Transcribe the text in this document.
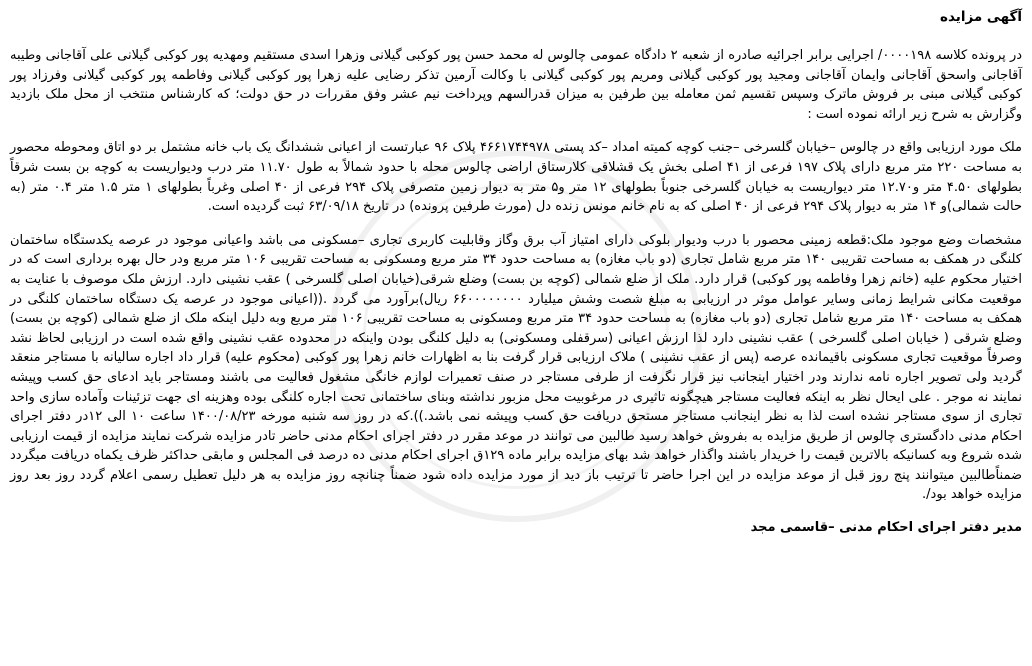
آگهی مزایده

در پرونده کلاسه ۰۰۰۰۱۹۸/ اجرایی برابر اجرائیه صادره از شعبه ۲ دادگاه عمومی چالوس له محمد حسن پور کوکبی گیلانی وزهرا اسدی مستقیم ومهدیه پور کوکبی گیلانی علی آقاجانی وطیبه آقاجانی واسحق آقاجانی وایمان آقاجانی ومجید پور کوکبی گیلانی ومریم پور کوکبی گیلانی با وکالت آرمین تذکر رضایی علیه زهرا پور کوکبی گیلانی وفاطمه پور کوکبی گیلانی وفرزاد پور کوکبی گیلانی مبنی بر فروش ماترک وسپس تقسیم ثمن معامله بین طرفین به میزان قدرالسهم وپرداخت نیم عشر وفق مقررات در حق دولت؛ که کارشناس منتخب از محل ملک بازدید وگزارش به شرح زیر ارائه نموده است :

ملک مورد ارزیابی واقع در چالوس –خیابان گلسرخی –جنب کوچه کمیته امداد –کد پستی ۴۶۶۱۷۴۴۹۷۸ پلاک ۹۶ عبارتست از اعیانی ششدانگ یک باب خانه مشتمل بر دو اتاق ومحوطه محصور به مساحت ۲۲۰ متر مربع دارای پلاک ۱۹۷ فرعی از ۴۱ اصلی بخش یک قشلاقی کلارستاق اراضی چالوس محله با حدود شمالاً به طول ۱۱.۷۰ متر درب ودیواریست به کوچه بن بست شرقاً بطولهای ۴.۵۰ متر و۱۲.۷۰ متر دیواریست به خیابان گلسرخی جنوباً بطولهای ۱۲ متر و۵ متر به دیوار زمین متصرفی پلاک ۲۹۴ فرعی از ۴۰ اصلی وغرباً بطولهای ۱ متر ۱.۵ متر ۰.۴ متر (به حالت شمالی)و ۱۴ متر به دیوار پلاک ۲۹۴ فرعی از ۴۰ اصلی که به نام خانم مونس زنده دل (مورث طرفین پرونده) در تاریخ ۶۳/۰۹/۱۸ ثبت گردیده است.

مشخصات وضع موجود ملک:قطعه زمینی محصور با درب ودیوار بلوکی دارای امتیاز آب برق وگاز وقابلیت کاربری تجاری –مسکونی می باشد واعیانی موجود در عرصه یکدستگاه ساختمان کلنگی در همکف به مساحت تقریبی ۱۴۰ متر مربع شامل تجاری (دو باب مغازه) به مساحت حدود ۳۴ متر مربع ومسکونی به مساحت تقریبی ۱۰۶ متر مربع ودر حال بهره برداری است که در اختیار محکوم علیه (خانم زهرا وفاطمه پور کوکبی) قرار دارد. ملک از ضلع شمالی (کوچه بن بست) وضلع شرقی(خیابان اصلی گلسرخی ) عقب نشینی دارد. ارزش ملک موصوف با عنایت به موقعیت مکانی شرایط زمانی وسایر عوامل موثر در ارزیابی به مبلغ شصت وشش میلیارد ۶۶۰۰۰۰۰۰۰۰ ریال)برآورد می گردد .((اعیانی موجود در عرصه یک دستگاه ساختمان کلنگی در همکف به مساحت ۱۴۰ متر مربع شامل تجاری (دو باب مغازه) به مساحت حدود ۳۴ متر مربع ومسکونی به مساحت تقریبی ۱۰۶ متر مربع وبه دلیل اینکه ملک از ضلع شمالی (کوچه بن بست) وضلع شرقی ( خیابان اصلی گلسرخی ) عقب نشینی دارد لذا ارزش اعیانی (سرقفلی ومسکونی) به دلیل کلنگی بودن واینکه در محدوده عقب نشینی واقع شده است در ارزیابی لحاظ نشد وصرفاً موقعیت تجاری مسکونی باقیمانده عرصه (پس از عقب نشینی ) ملاک ارزیابی قرار گرفت بنا به اظهارات خانم زهرا پور کوکبی (محکوم علیه) قرار داد اجاره سالیانه با مستاجر منعقد گردید ولی تصویر اجاره نامه ندارند ودر اختیار اینجانب نیز قرار نگرفت از طرفی مستاجر در صنف تعمیرات لوازم خانگی مشغول فعالیت می باشند ومستاجر باید ادعای حق کسب وپیشه نمایند نه موجر . علی ایحال نظر به اینکه فعالیت مستاجر هیچگونه تاثیری در مرغوبیت محل مزبور نداشته وبنای ساختمانی تحت اجاره کلنگی بوده وهزینه ای جهت تزئینات وآماده سازی واحد تجاری از سوی مستاجر نشده است لذا به نظر اینجانب مستاجر مستحق دریافت حق کسب وپیشه نمی باشد.)).که در روز سه شنبه مورخه ۱۴۰۰/۰۸/۲۳ ساعت ۱۰ الی ۱۲در دفتر اجرای احکام مدنی دادگستری چالوس از طریق مزایده به بفروش خواهد رسید طالبین می توانند در موعد مقرر در دفتر اجرای احکام مدنی حاضر تادر مزایده شرکت نمایند مزایده از قیمت ارزیابی شده شروع وبه کسانیکه بالاترین قیمت را خریدار باشند واگذار خواهد شد بهای مزایده برابر ماده ۱۲۹ق اجرای احکام مدنی ده درصد فی المجلس و مابقی حداکثر ظرف یکماه دریافت میگردد ضمناًطالبین میتوانند پنج روز قبل از موعد مزایده در این اجرا حاضر تا ترتیب باز دید از مورد مزایده داده شود ضمناً چنانچه روز مزایده به هر دلیل تعطیل رسمی اعلام گردد روز بعد روز مزایده خواهد بود/.

مدیر دفتر اجرای احکام مدنی –قاسمی مجد
